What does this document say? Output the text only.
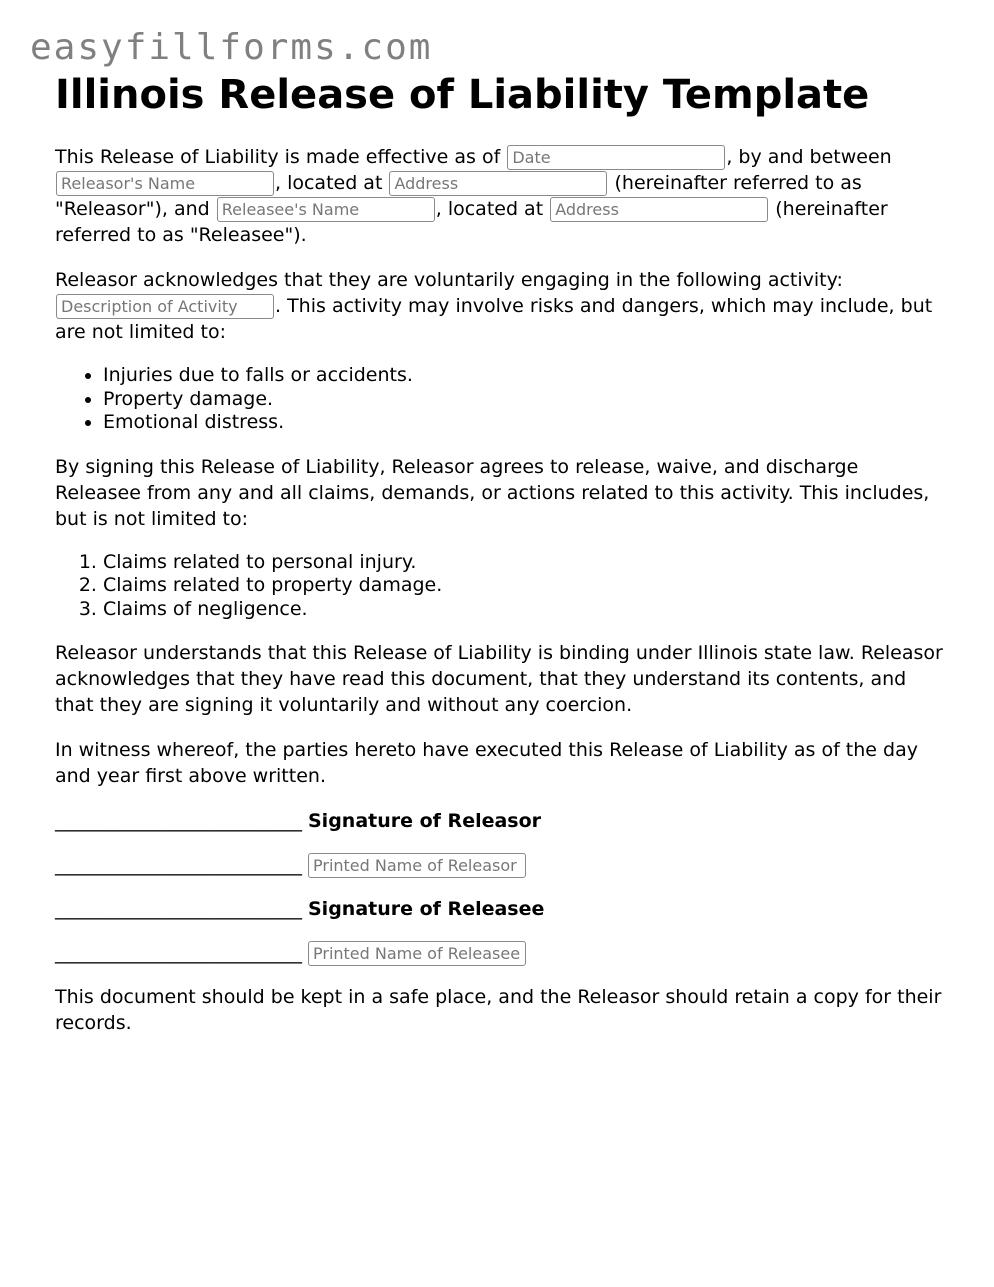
easyfillforms.com
Illinois Release of Liability Template

This Release of Liability is made effective as of Date	, by and between Releasor's Name, located at Address	(hereinafter referred to as "Releasor"), and Releasee's Name	, located at Address	(hereinafter referred to as "Releasee").

Releasor acknowledges that they are voluntarily engaging in the following activity: Description of Activity. This activity may involve risks and dangers, which may include, but are not limited to:

• Injuries due to falls or accidents.
• Property damage.
• Emotional distress.

By signing this Release of Liability, Releasor agrees to release, waive, and discharge Releasee from any and all claims, demands, or actions related to this activity. This includes, but is not limited to:

1. Claims related to personal injury.
2. Claims related to property damage.
3. Claims of negligence.

Releasor understands that this Release of Liability is binding under Illinois state law. Releasor acknowledges that they have read this document, that they understand its contents, and that they are signing it voluntarily and without any coercion.

In witness whereof, the parties hereto have executed this Release of Liability as of the day and year first above written.

__________________________ Signature of Releasor
__________________________Printed Name of Releasor
__________________________ Signature of Releasee
__________________________Printed Name of Releasee

This document should be kept in a safe place, and the Releasor should retain a copy for their records.
